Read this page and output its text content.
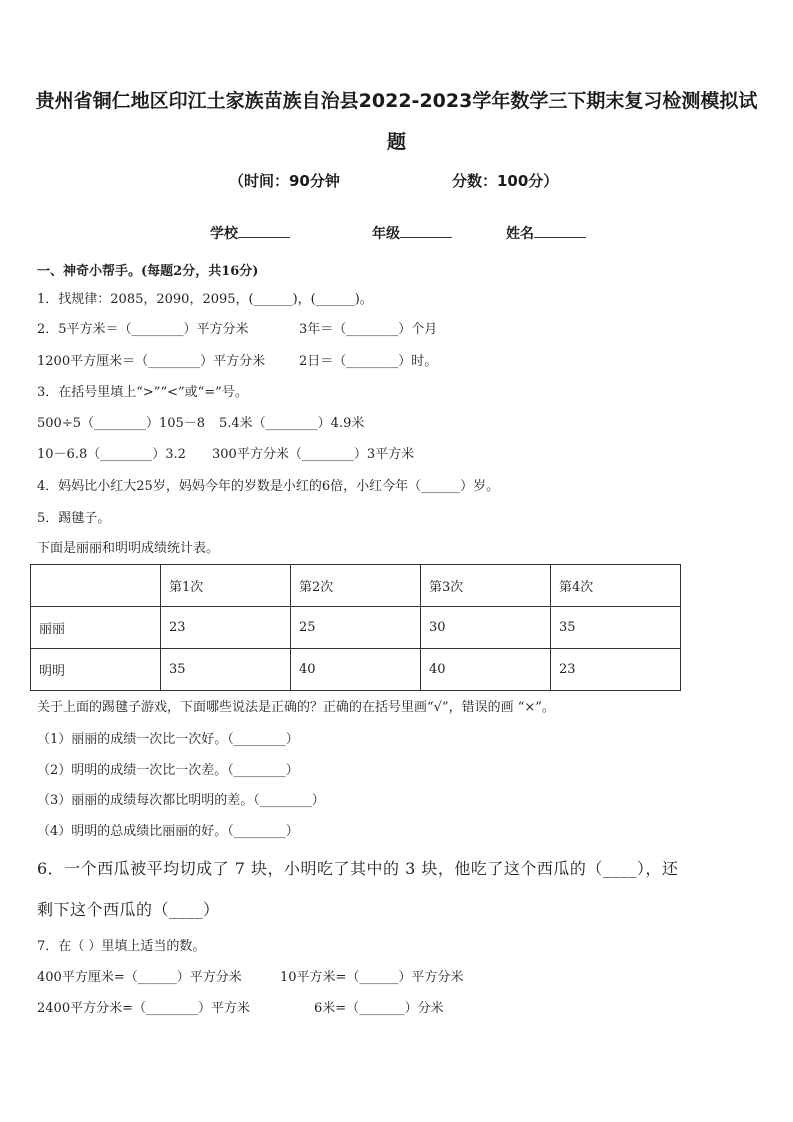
贵州省铜仁地区印江土家族苗族自治县2022-2023学年数学三下期末复习检测模拟试
题
（时间：90分钟	分数：100分）
学校	年级	姓名
一、神奇小帮手。(每题2分，共16分)
1．找规律：2085，2090，2095，(______)，(______)。
2．5平方米＝（________）平方分米	3年＝（________）个月
1200平方厘米＝（________）平方分米	2日＝（________）时。
3．在括号里填上“>”“<”或“=”号。
500÷5（________）105－8 5.4米（________）4.9米
10－6.8（________）3.2 300平方分米（________）3平方米
4．妈妈比小红大25岁，妈妈今年的岁数是小红的6倍，小红今年（______）岁。
5．踢毽子。
下面是丽丽和明明成绩统计表。
	第1次	第2次	第3次	第4次
丽丽	23	25	30	35
明明	35	40	40	23
关于上面的踢毽子游戏，下面哪些说法是正确的？正确的在括号里画“√”，错误的画 “×”。
（1）丽丽的成绩一次比一次好。（________）
（2）明明的成绩一次比一次差。（________）
（3）丽丽的成绩每次都比明明的差。（________）
（4）明明的总成绩比丽丽的好。（________）
6．一个西瓜被平均切成了 7 块，小明吃了其中的 3 块，他吃了这个西瓜的（____），还
剩下这个西瓜的（____）
7．在（ ）里填上适当的数。
400平方厘米=（______）平方分米	10平方米=（______）平方分米
2400平方分米=（________）平方米	6米=（_______）分米
